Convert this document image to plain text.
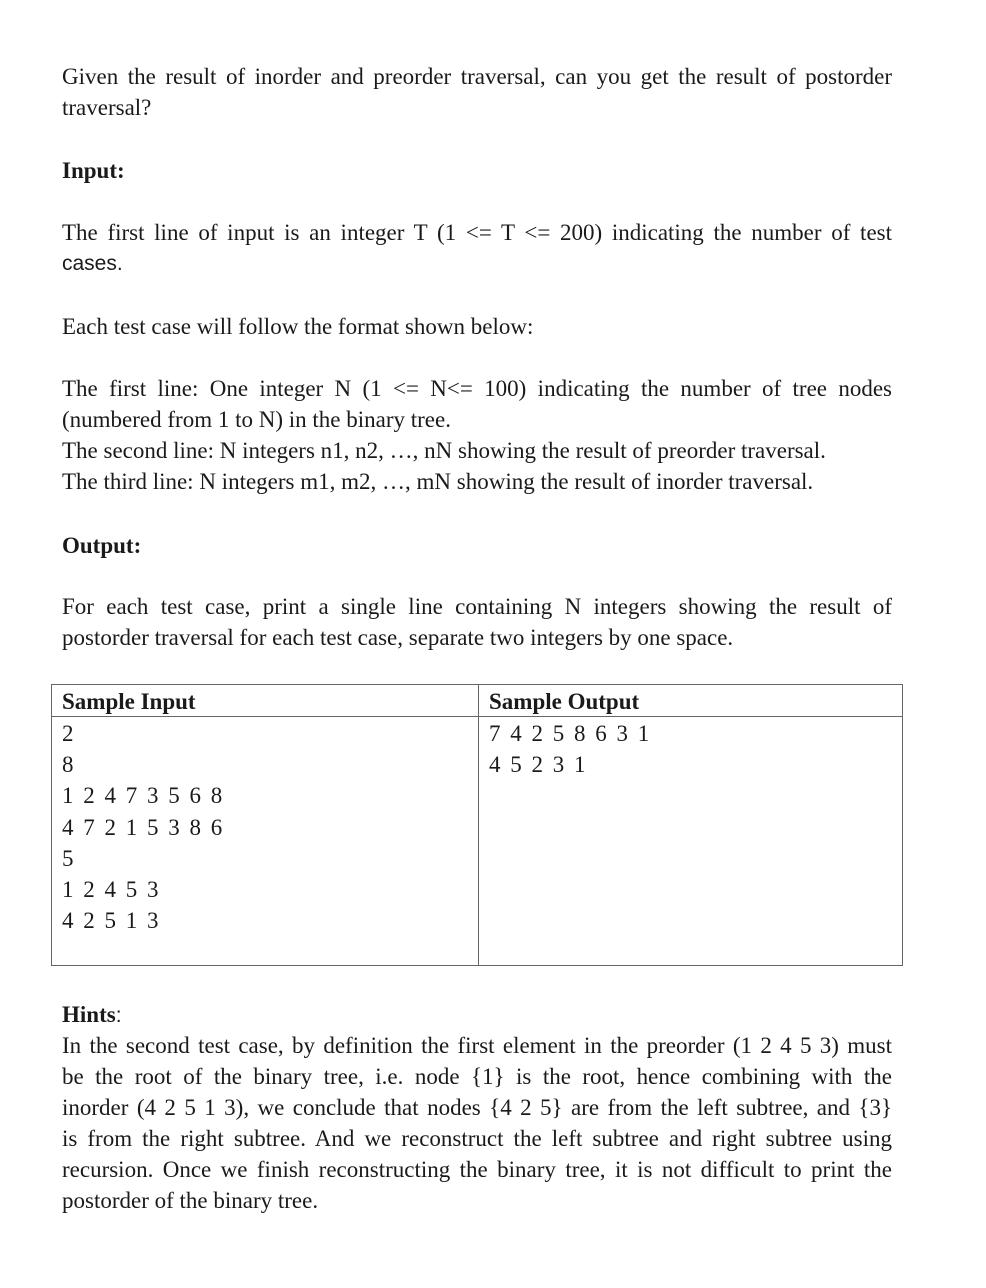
Given the result of inorder and preorder traversal, can you get the result of postorder
traversal?

Input:

The first line of input is an integer T (1 <= T <= 200) indicating the number of test
cases.

Each test case will follow the format shown below:

The first line: One integer N (1 <= N<= 100) indicating the number of tree nodes
(numbered from 1 to N) in the binary tree.
The second line: N integers n1, n2, …, nN showing the result of preorder traversal.
The third line: N integers m1, m2, …, mN showing the result of inorder traversal.

Output:

For each test case, print a single line containing N integers showing the result of
postorder traversal for each test case, separate two integers by one space.

Hints:

In the second test case, by definition the first element in the preorder (1 2 4 5 3) must
be the root of the binary tree, i.e. node {1} is the root, hence combining with the
inorder (4 2 5 1 3), we conclude that nodes {4 2 5} are from the left subtree, and {3}
is from the right subtree. And we reconstruct the left subtree and right subtree using
recursion. Once we finish reconstructing the binary tree, it is not difficult to print the
postorder of the binary tree.

Sample Input
2
8
1 2 4 7 3 5 6 8
4 7 2 1 5 3 8 6
5
1 2 4 5 3
4 2 5 1 3
Sample Output
7 4 2 5 8 6 3 1
4 5 2 3 1
